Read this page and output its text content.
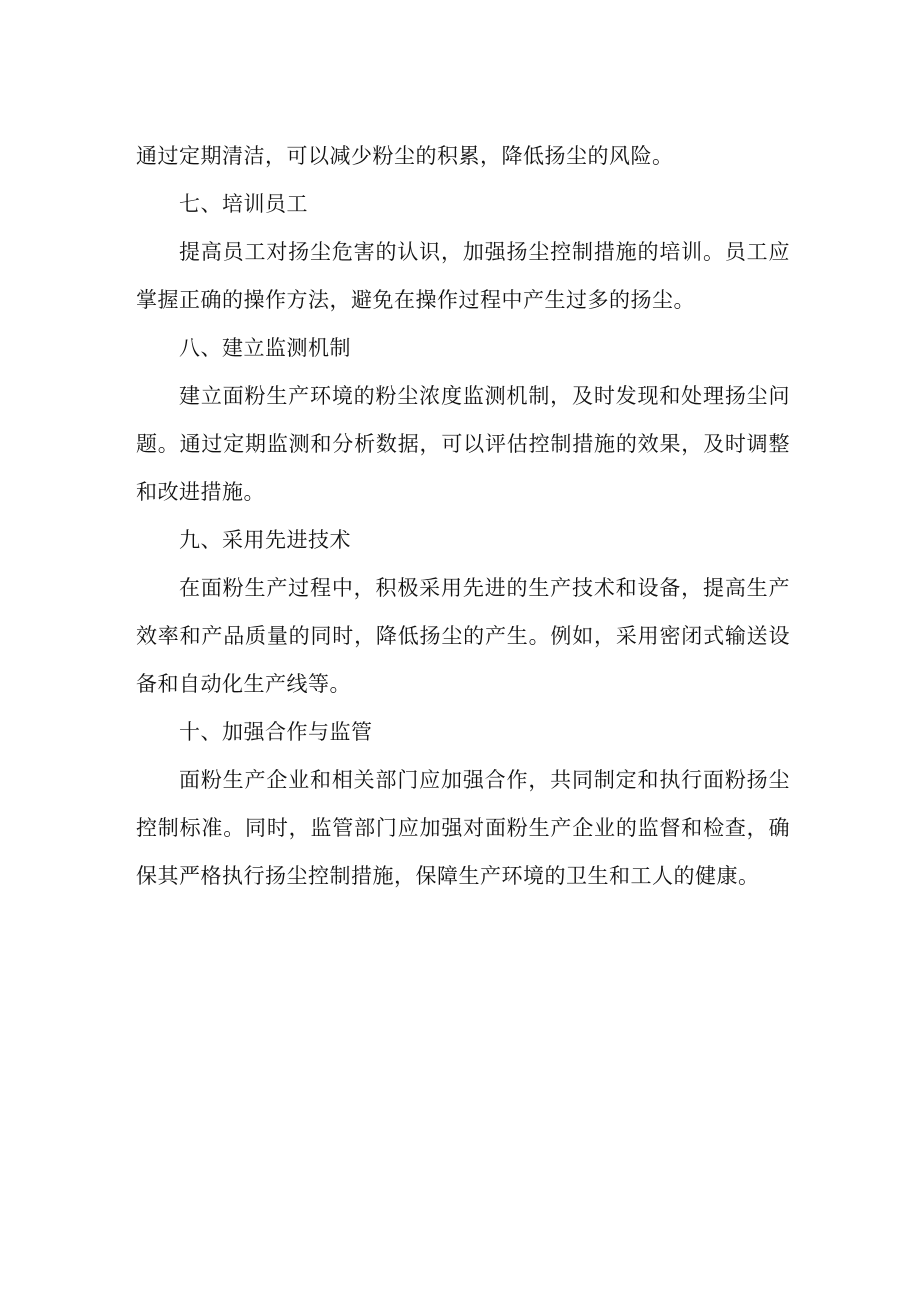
通过定期清洁，可以减少粉尘的积累，降低扬尘的风险。

七、培训员工

提高员工对扬尘危害的认识，加强扬尘控制措施的培训。员工应掌握正确的操作方法，避免在操作过程中产生过多的扬尘。

八、建立监测机制

建立面粉生产环境的粉尘浓度监测机制，及时发现和处理扬尘问题。通过定期监测和分析数据，可以评估控制措施的效果，及时调整和改进措施。

九、采用先进技术

在面粉生产过程中，积极采用先进的生产技术和设备，提高生产效率和产品质量的同时，降低扬尘的产生。例如，采用密闭式输送设备和自动化生产线等。

十、加强合作与监管

面粉生产企业和相关部门应加强合作，共同制定和执行面粉扬尘控制标准。同时，监管部门应加强对面粉生产企业的监督和检查，确保其严格执行扬尘控制措施，保障生产环境的卫生和工人的健康。
